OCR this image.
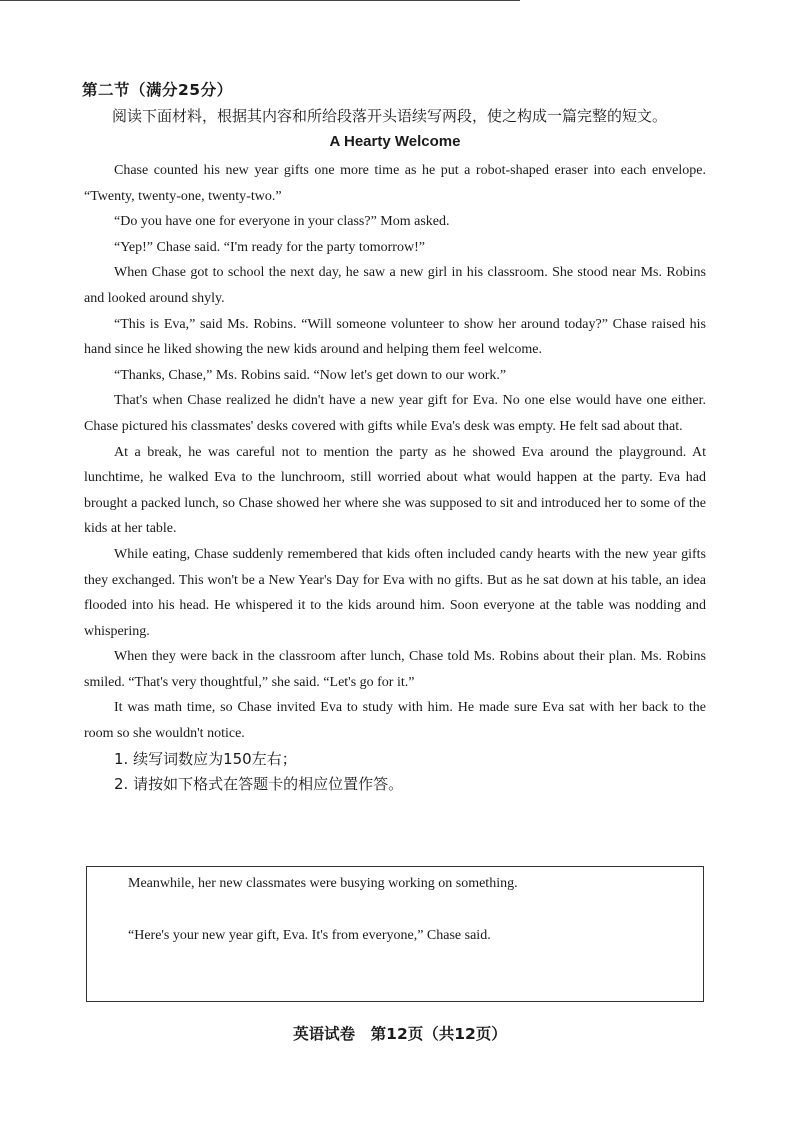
第二节（满分25分）
阅读下面材料，根据其内容和所给段落开头语续写两段，使之构成一篇完整的短文。
A Hearty Welcome

Chase counted his new year gifts one more time as he put a robot-shaped eraser into each envelope. “Twenty, twenty-one, twenty-two.”

“Do you have one for everyone in your class?” Mom asked.

“Yep!” Chase said. “I'm ready for the party tomorrow!”

When Chase got to school the next day, he saw a new girl in his classroom. She stood near Ms. Robins and looked around shyly.

“This is Eva,” said Ms. Robins. “Will someone volunteer to show her around today?” Chase raised his hand since he liked showing the new kids around and helping them feel welcome.

“Thanks, Chase,” Ms. Robins said. “Now let's get down to our work.”

That's when Chase realized he didn't have a new year gift for Eva. No one else would have one either. Chase pictured his classmates' desks covered with gifts while Eva's desk was empty. He felt sad about that.

At a break, he was careful not to mention the party as he showed Eva around the playground. At lunchtime, he walked Eva to the lunchroom, still worried about what would happen at the party. Eva had brought a packed lunch, so Chase showed her where she was supposed to sit and introduced her to some of the kids at her table.

While eating, Chase suddenly remembered that kids often included candy hearts with the new year gifts they exchanged. This won't be a New Year's Day for Eva with no gifts. But as he sat down at his table, an idea flooded into his head. He whispered it to the kids around him. Soon everyone at the table was nodding and whispering.

When they were back in the classroom after lunch, Chase told Ms. Robins about their plan. Ms. Robins smiled. “That's very thoughtful,” she said. “Let's go for it.”

It was math time, so Chase invited Eva to study with him. He made sure Eva sat with her back to the room so she wouldn't notice.

1. 续写词数应为150左右；
2. 请按如下格式在答题卡的相应位置作答。
Meanwhile, her new classmates were busying working on something.
“Here's your new year gift, Eva. It's from everyone,” Chase said.
英语试卷　第12页（共12页）
